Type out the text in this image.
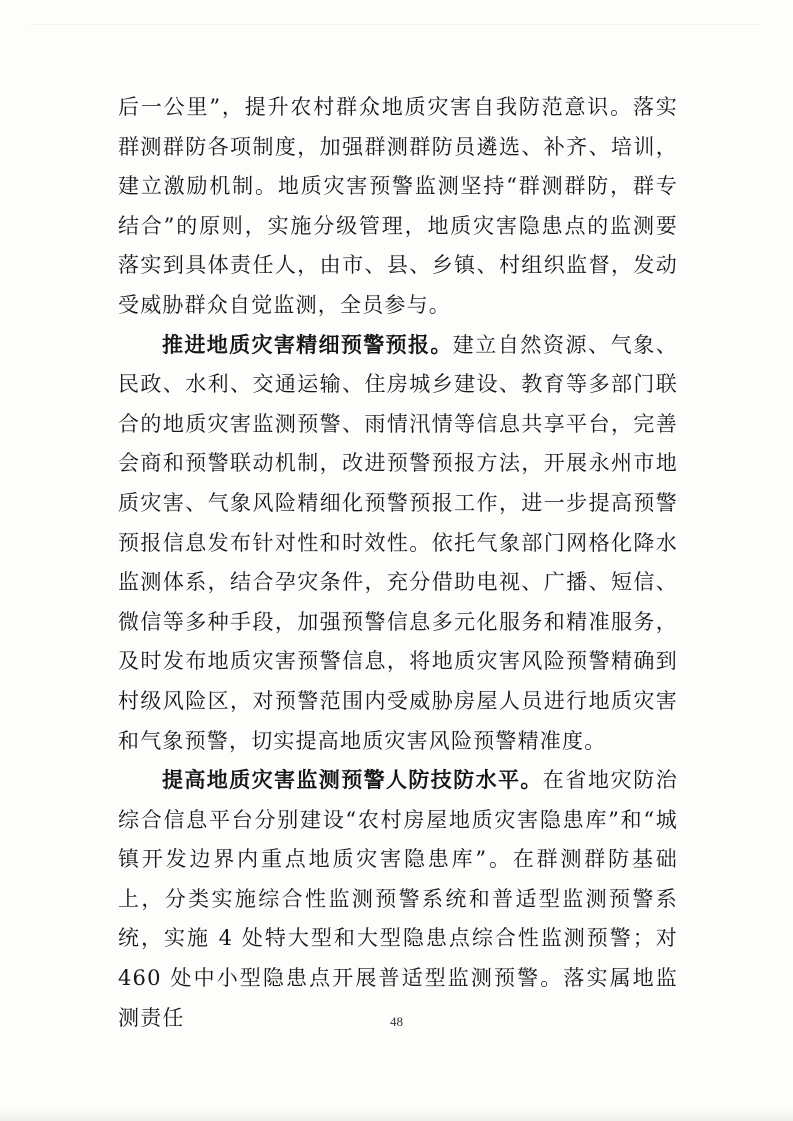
后一公里”，提升农村群众地质灾害自我防范意识。落实群测群防各项制度，加强群测群防员遴选、补齐、培训，建立激励机制。地质灾害预警监测坚持“群测群防，群专结合”的原则，实施分级管理，地质灾害隐患点的监测要落实到具体责任人，由市、县、乡镇、村组织监督，发动受威胁群众自觉监测，全员参与。

推进地质灾害精细预警预报。建立自然资源、气象、民政、水利、交通运输、住房城乡建设、教育等多部门联合的地质灾害监测预警、雨情汛情等信息共享平台，完善会商和预警联动机制，改进预警预报方法，开展永州市地质灾害、气象风险精细化预警预报工作，进一步提高预警预报信息发布针对性和时效性。依托气象部门网格化降水监测体系，结合孕灾条件，充分借助电视、广播、短信、微信等多种手段，加强预警信息多元化服务和精准服务，及时发布地质灾害预警信息，将地质灾害风险预警精确到村级风险区，对预警范围内受威胁房屋人员进行地质灾害和气象预警，切实提高地质灾害风险预警精准度。

提高地质灾害监测预警人防技防水平。在省地灾防治综合信息平台分别建设“农村房屋地质灾害隐患库”和“城镇开发边界内重点地质灾害隐患库”。在群测群防基础上，分类实施综合性监测预警系统和普适型监测预警系统，实施 4 处特大型和大型隐患点综合性监测预警；对 460 处中小型隐患点开展普适型监测预警。落实属地监测责任	48
